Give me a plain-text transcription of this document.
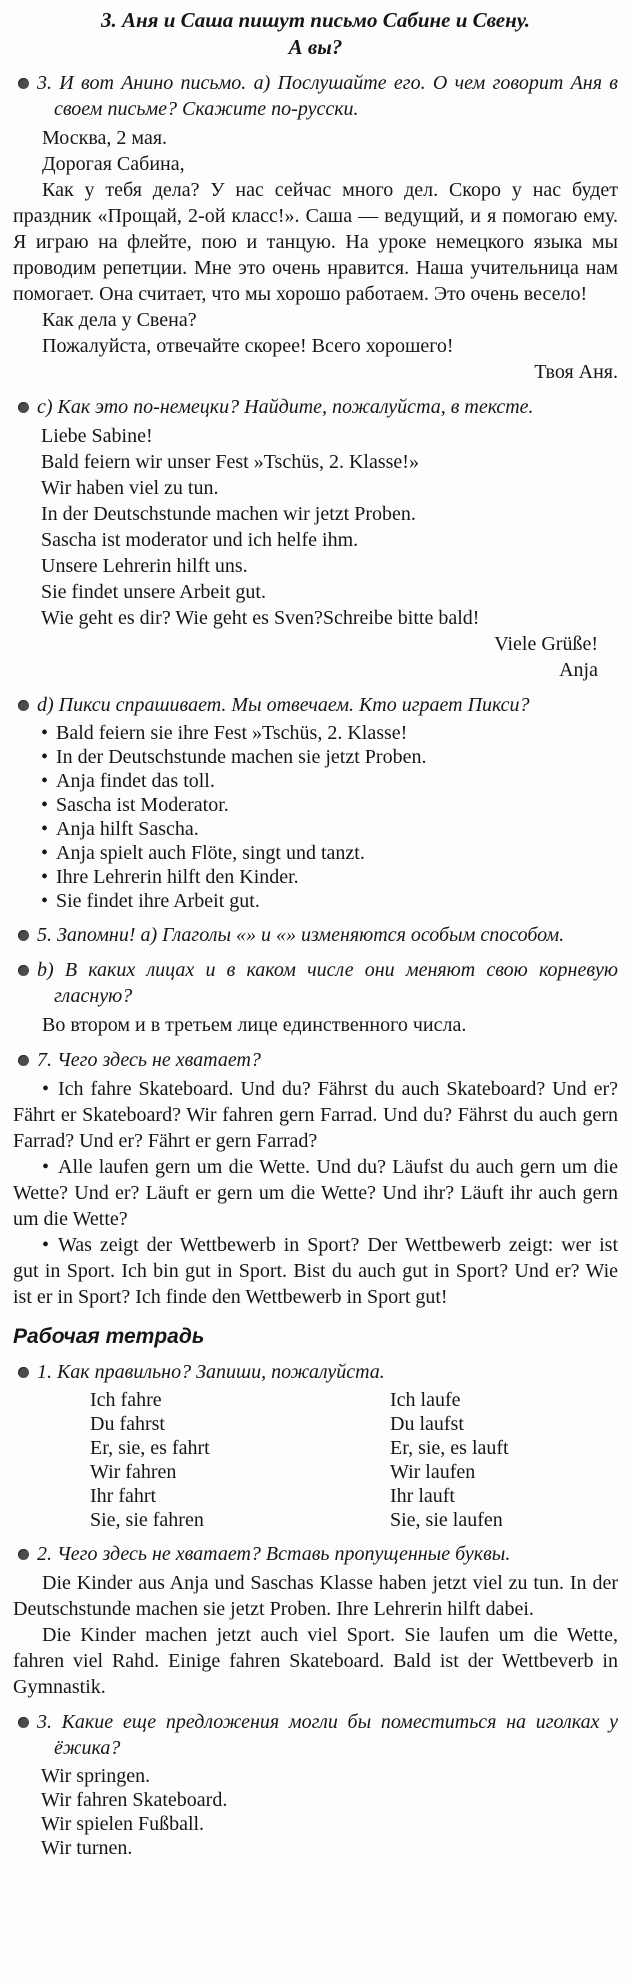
3. Аня и Саша пишут письмо Сабине и Свену.
А вы?
3. И вот Анино письмо. а) Послушайте его. О чем говорит Аня в своем письме? Скажите по-русски.
Москва, 2 мая.
Дорогая Сабина,

Как у тебя дела? У нас сейчас много дел. Скоро у нас будет праздник «Прощай, 2-ой класс!». Саша — ведущий, и я помогаю ему. Я играю на флейте, пою и танцую. На уроке немецкого языка мы проводим репетции. Мне это очень нравится. Наша учительница нам помогает. Она считает, что мы хорошо работаем. Это очень весело!

Как дела у Свена?
Пожалуйста, отвечайте скорее! Всего хорошего!
Твоя Аня.
c) Как это по-немецки? Найдите, пожалуйста, в тексте.
Liebe Sabine!
Bald feiern wir unser Fest »Tschüs, 2. Klasse!»
Wir haben viel zu tun.
In der Deutschstunde machen wir jetzt Proben.
Sascha ist moderator und ich helfe ihm.
Unsere Lehrerin hilft uns.
Sie findet unsere Arbeit gut.
Wie geht es dir? Wie geht es Sven?Schreibe bitte bald!
Viele Grüße!
Anja
d) Пикси спрашивает. Мы отвечаем. Кто играет Пикси?
• Bald feiern sie ihre Fest »Tschüs, 2. Klasse!
• In der Deutschstunde machen sie jetzt Proben.
• Anja findet das toll.
• Sascha ist Moderator.
• Anja hilft Sascha.
• Anja spielt auch Flöte, singt und tanzt.
• Ihre Lehrerin hilft den Kinder.
• Sie findet ihre Arbeit gut.
5. Запомни! а) Глаголы «» и «» изменяются особым способом.
b) В каких лицах и в каком числе они меняют свою корневую гласную?
Во втором и в третьем лице единственного числа.
7. Чего здесь не хватает?

• Ich fahre Skateboard. Und du? Fährst du auch Skateboard? Und er? Fährt er Skateboard? Wir fahren gern Farrad. Und du? Fährst du auch gern Farrad? Und er? Fährt er gern Farrad?

• Alle laufen gern um die Wette. Und du? Läufst du auch gern um die Wette? Und er? Läuft er gern um die Wette? Und ihr? Läuft ihr auch gern um die Wette?

• Was zeigt der Wettbewerb in Sport? Der Wettbewerb zeigt: wer ist gut in Sport. Ich bin gut in Sport. Bist du auch gut in Sport? Und er? Wie ist er in Sport? Ich finde den Wettbewerb in Sport gut!

Рабочая тетрадь
1. Как правильно? Запиши, пожалуйста.
Ich fahre	Ich laufe
Du fahrst	Du laufst
Er, sie, es fahrt	Er, sie, es lauft
Wir fahren	Wir laufen
Ihr fahrt	Ihr lauft
Sie, sie fahren	Sie, sie laufen
2. Чего здесь не хватает? Вставь пропущенные буквы.

Die Kinder aus Anja und Saschas Klasse haben jetzt viel zu tun. In der Deutschstunde machen sie jetzt Proben. Ihre Lehrerin hilft dabei.

Die Kinder machen jetzt auch viel Sport. Sie laufen um die Wette, fahren viel Rahd. Einige fahren Skateboard. Bald ist der Wettbeverb in Gymnastik.

3. Какие еще предложения могли бы поместиться на иголках у ёжика?
Wir springen.
Wir fahren Skateboard.
Wir spielen Fußball.
Wir turnen.
